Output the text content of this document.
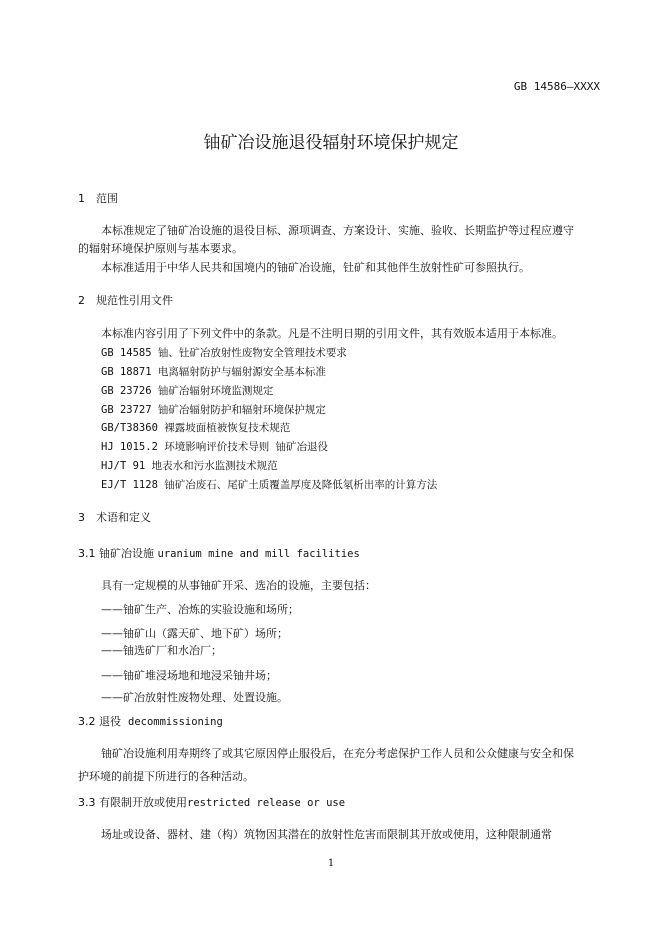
GB 14586—XXXX
铀矿冶设施退役辐射环境保护规定
1 范围
本标准规定了铀矿冶设施的退役目标、源项调查、方案设计、实施、验收、长期监护等过程应遵守
的辐射环境保护原则与基本要求。
本标准适用于中华人民共和国境内的铀矿冶设施，钍矿和其他伴生放射性矿可参照执行。
2 规范性引用文件
本标准内容引用了下列文件中的条款。凡是不注明日期的引用文件，其有效版本适用于本标准。
GB 14585 铀、钍矿冶放射性废物安全管理技术要求
GB 18871 电离辐射防护与辐射源安全基本标准
GB 23726 铀矿冶辐射环境监测规定
GB 23727 铀矿冶辐射防护和辐射环境保护规定
GB/T38360 裸露坡面植被恢复技术规范
HJ 1015.2 环境影响评价技术导则 铀矿冶退役
HJ/T 91 地表水和污水监测技术规范
EJ/T 1128 铀矿冶废石、尾矿土质覆盖厚度及降低氡析出率的计算方法
3 术语和定义
3.1 铀矿冶设施 uranium mine and mill facilities
具有一定规模的从事铀矿开采、选冶的设施，主要包括：
——铀矿生产、冶炼的实验设施和场所；
——铀矿山（露天矿、地下矿）场所；
——铀选矿厂和水冶厂；
——铀矿堆浸场地和地浸采铀井场；
——矿冶放射性废物处理、处置设施。
3.2 退役 decommissioning
铀矿冶设施利用寿期终了或其它原因停止服役后，在充分考虑保护工作人员和公众健康与安全和保
护环境的前提下所进行的各种活动。
3.3 有限制开放或使用restricted release or use
场址或设备、器材、建（构）筑物因其潜在的放射性危害而限制其开放或使用，这种限制通常
1
